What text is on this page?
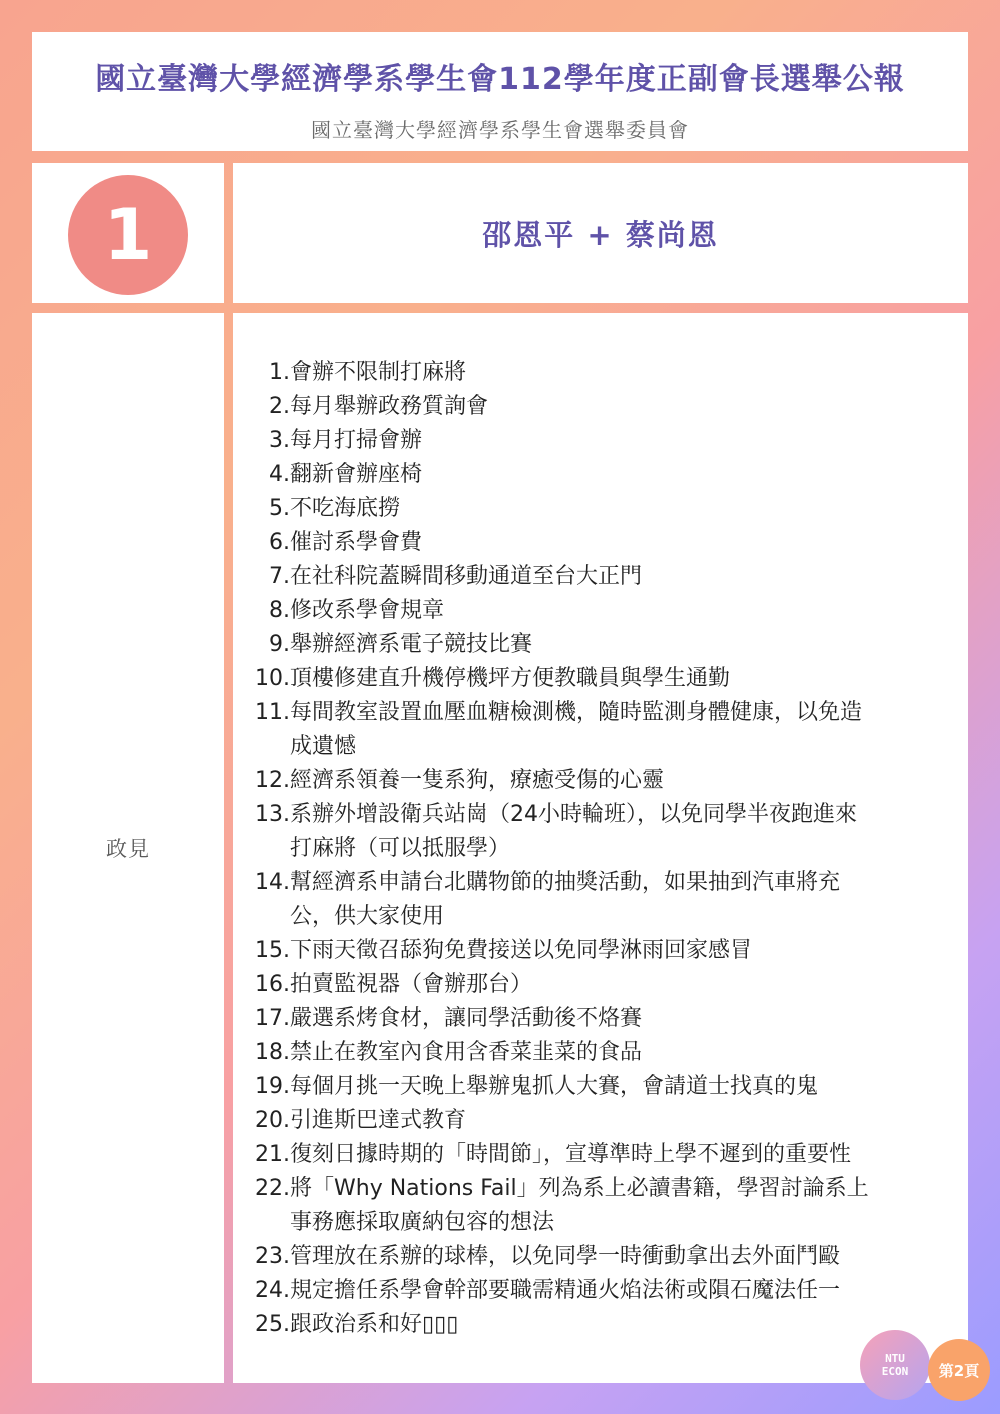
國立臺灣大學經濟學系學生會112學年度正副會長選舉公報
國立臺灣大學經濟學系學生會選舉委員會
1	邵恩平 + 蔡尚恩
政見
1. 會辦不限制打麻將
2. 每月舉辦政務質詢會
3. 每月打掃會辦
4. 翻新會辦座椅
5. 不吃海底撈
6. 催討系學會費
7. 在社科院蓋瞬間移動通道至台大正門
8. 修改系學會規章
9. 舉辦經濟系電子競技比賽
10. 頂樓修建直升機停機坪方便教職員與學生通勤
11. 每間教室設置血壓血糖檢測機，隨時監測身體健康，以免造
成遺憾
12. 經濟系領養一隻系狗，療癒受傷的心靈
13. 系辦外增設衛兵站崗（24小時輪班），以免同學半夜跑進來
打麻將（可以抵服學）
14. 幫經濟系申請台北購物節的抽獎活動，如果抽到汽車將充
公，供大家使用
15. 下雨天徵召舔狗免費接送以免同學淋雨回家感冒
16. 拍賣監視器（會辦那台）
17. 嚴選系烤食材，讓同學活動後不烙賽
18. 禁止在教室內食用含香菜韭菜的食品
19. 每個月挑一天晚上舉辦鬼抓人大賽，會請道士找真的鬼
20. 引進斯巴達式教育
21. 復刻日據時期的「時間節」，宣導準時上學不遲到的重要性
22. 將「Why Nations Fail」列為系上必讀書籍，學習討論系上
事務應採取廣納包容的想法
23. 管理放在系辦的球棒，以免同學一時衝動拿出去外面鬥毆
24. 規定擔任系學會幹部要職需精通火焰法術或隕石魔法任一
25. 跟政治系和好▯▯▯
NTU
ECON	第2頁
